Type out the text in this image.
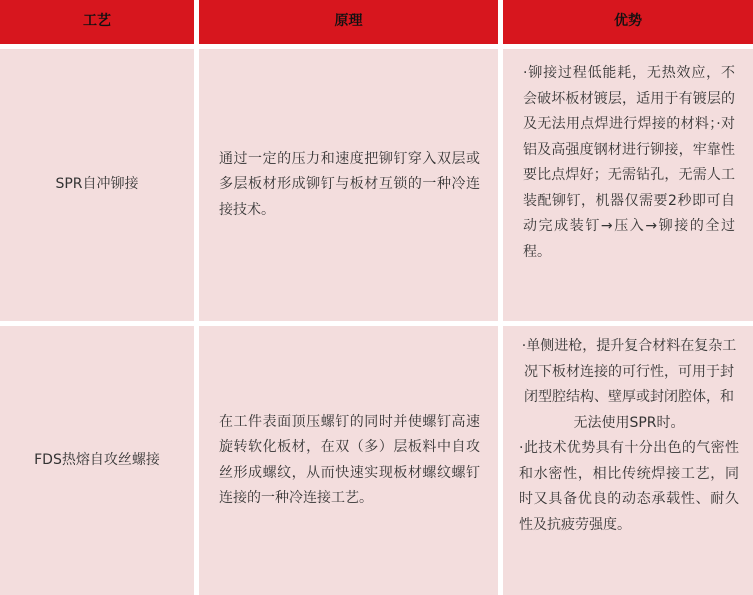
工艺	原理	优势
SPR自冲铆接
通过一定的压力和速度把铆钉穿入双层或多层板材形成铆钉与板材互锁的一种冷连接技术。
·铆接过程低能耗，无热效应，不会破坏板材镀层，适用于有镀层的及无法用点焊进行焊接的材料；·对铝及高强度钢材进行铆接，牢靠性要比点焊好；无需钻孔，无需人工装配铆钉，机器仅需要2秒即可自动完成装钉→压入→铆接的全过程。
FDS热熔自攻丝螺接
在工件表面顶压螺钉的同时并使螺钉高速旋转软化板材，在双（多）层板料中自攻丝形成螺纹，从而快速实现板材螺纹螺钉连接的一种冷连接工艺。
·单侧进枪，提升复合材料在复杂工况下板材连接的可行性，可用于封闭型腔结构、壁厚或封闭腔体，和无法使用SPR时。
·此技术优势具有十分出色的气密性和水密性，相比传统焊接工艺，同时又具备优良的动态承载性、耐久性及抗疲劳强度。
